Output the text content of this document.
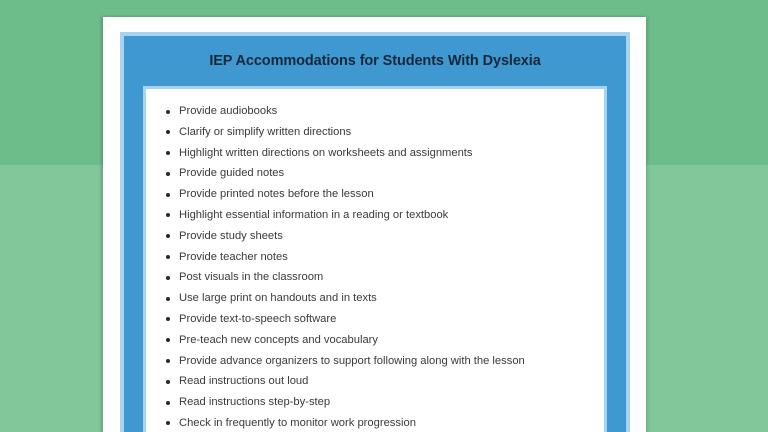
IEP Accommodations for Students With Dyslexia
Provide audiobooks
Clarify or simplify written directions
Highlight written directions on worksheets and assignments
Provide guided notes
Provide printed notes before the lesson
Highlight essential information in a reading or textbook
Provide study sheets
Provide teacher notes
Post visuals in the classroom
Use large print on handouts and in texts
Provide text-to-speech software
Pre-teach new concepts and vocabulary
Provide advance organizers to support following along with the lesson
Read instructions out loud
Read instructions step-by-step
Check in frequently to monitor work progression
